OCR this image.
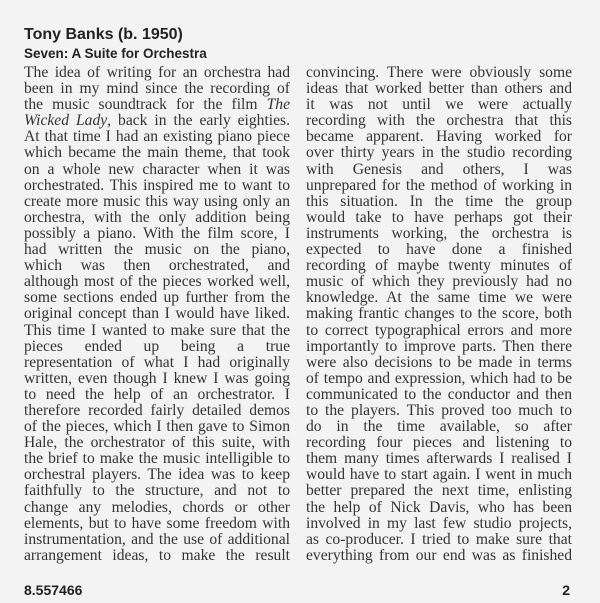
Tony Banks (b. 1950)
Seven: A Suite for Orchestra
The idea of writing for an orchestra had
been in my mind since the recording of
the music soundtrack for the film The
Wicked Lady, back in the early eighties.
At that time I had an existing piano piece
which became the main theme, that took
on a whole new character when it was
orchestrated. This inspired me to want to
create more music this way using only an
orchestra, with the only addition being
possibly a piano. With the film score, I
had written the music on the piano,
which was then orchestrated, and
although most of the pieces worked well,
some sections ended up further from the
original concept than I would have liked.
This time I wanted to make sure that the
pieces ended up being a true
representation of what I had originally
written, even though I knew I was going
to need the help of an orchestrator. I
therefore recorded fairly detailed demos
of the pieces, which I then gave to Simon
Hale, the orchestrator of this suite, with
the brief to make the music intelligible to
orchestral players. The idea was to keep
faithfully to the structure, and not to
change any melodies, chords or other
elements, but to have some freedom with
instrumentation, and the use of additional
arrangement ideas, to make the result
convincing. There were obviously some
ideas that worked better than others and
it was not until we were actually
recording with the orchestra that this
became apparent. Having worked for
over thirty years in the studio recording
with Genesis and others, I was
unprepared for the method of working in
this situation. In the time the group
would take to have perhaps got their
instruments working, the orchestra is
expected to have done a finished
recording of maybe twenty minutes of
music of which they previously had no
knowledge. At the same time we were
making frantic changes to the score, both
to correct typographical errors and more
importantly to improve parts. Then there
were also decisions to be made in terms
of tempo and expression, which had to be
communicated to the conductor and then
to the players. This proved too much to
do in the time available, so after
recording four pieces and listening to
them many times afterwards I realised I
would have to start again. I went in much
better prepared the next time, enlisting
the help of Nick Davis, who has been
involved in my last few studio projects,
as co-producer. I tried to make sure that
everything from our end was as finished
8.557466	2
